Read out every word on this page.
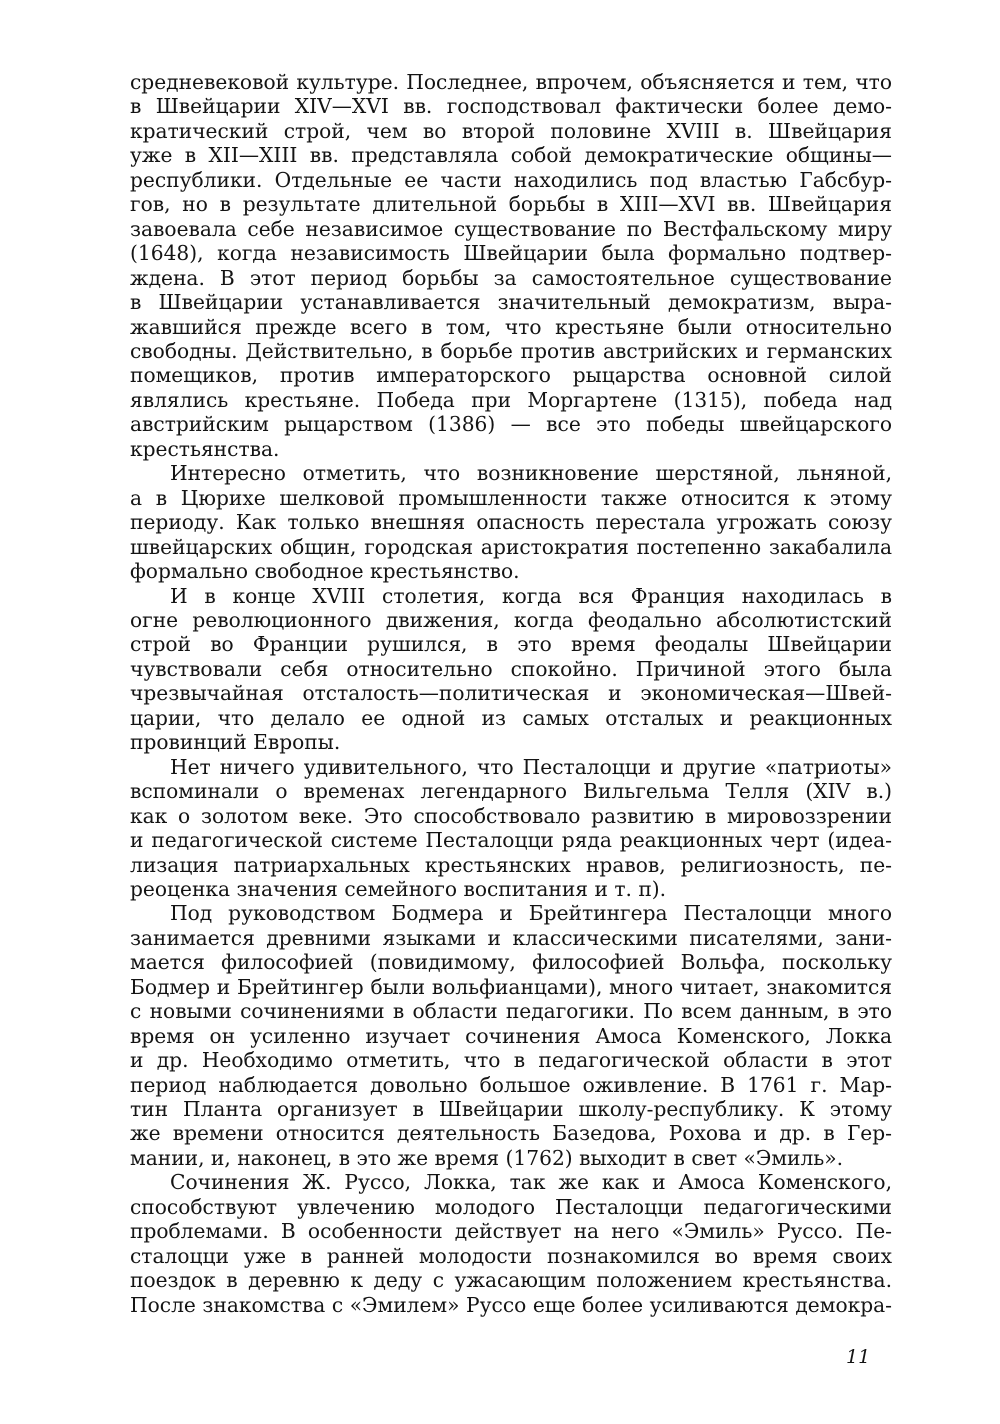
средневековой культуре. Последнее, впрочем, объясняется и тем, что
в Швейцарии XIV—XVI вв. господствовал фактически более демо-
кратический строй, чем во второй половине XVIII в. Швейцария
уже в XII—XIII вв. представляла собой демократические общины—
республики. Отдельные ее части находились под властью Габсбур-
гов, но в результате длительной борьбы в XIII—XVI вв. Швейцария
завоевала себе независимое существование по Вестфальскому миру
(1648), когда независимость Швейцарии была формально подтвер-
ждена. В этот период борьбы за самостоятельное существование
в Швейцарии устанавливается значительный демократизм, выра-
жавшийся прежде всего в том, что крестьяне были относительно
свободны. Действительно, в борьбе против австрийских и германских
помещиков, против императорского рыцарства основной силой
являлись крестьяне. Победа при Моргартене (1315), победа над
австрийским рыцарством (1386) — все это победы швейцарского
крестьянства.
Интересно отметить, что возникновение шерстяной, льняной,
а в Цюрихе шелковой промышленности также относится к этому
периоду. Как только внешняя опасность перестала угрожать союзу
швейцарских общин, городская аристократия постепенно закабалила
формально свободное крестьянство.
И в конце XVIII столетия, когда вся Франция находилась в
огне революционного движения, когда феодально абсолютистский
строй во Франции рушился, в это время феодалы Швейцарии
чувствовали себя относительно спокойно. Причиной этого была
чрезвычайная отсталость—политическая и экономическая—Швей-
царии, что делало ее одной из самых отсталых и реакционных
провинций Европы.
Нет ничего удивительного, что Песталоцци и другие «патриоты»
вспоминали о временах легендарного Вильгельма Телля (XIV в.)
как о золотом веке. Это способствовало развитию в мировоззрении
и педагогической системе Песталоцци ряда реакционных черт (идеа-
лизация патриархальных крестьянских нравов, религиозность, пе-
реоценка значения семейного воспитания и т. п).
Под руководством Бодмера и Брейтингера Песталоцци много
занимается древними языками и классическими писателями, зани-
мается философией (повидимому, философией Вольфа, поскольку
Бодмер и Брейтингер были вольфианцами), много читает, знакомится
с новыми сочинениями в области педагогики. По всем данным, в это
время он усиленно изучает сочинения Амоса Коменского, Локка
и др. Необходимо отметить, что в педагогической области в этот
период наблюдается довольно большое оживление. В 1761 г. Мар-
тин Планта организует в Швейцарии школу-республику. К этому
же времени относится деятельность Базедова, Рохова и др. в Гер-
мании, и, наконец, в это же время (1762) выходит в свет «Эмиль».
Сочинения Ж. Руссо, Локка, так же как и Амоса Коменского,
способствуют увлечению молодого Песталоцци педагогическими
проблемами. В особенности действует на него «Эмиль» Руссо. Пе-
сталоцци уже в ранней молодости познакомился во время своих
поездок в деревню к деду с ужасающим положением крестьянства.
После знакомства с «Эмилем» Руссо еще более усиливаются демокра-
11
